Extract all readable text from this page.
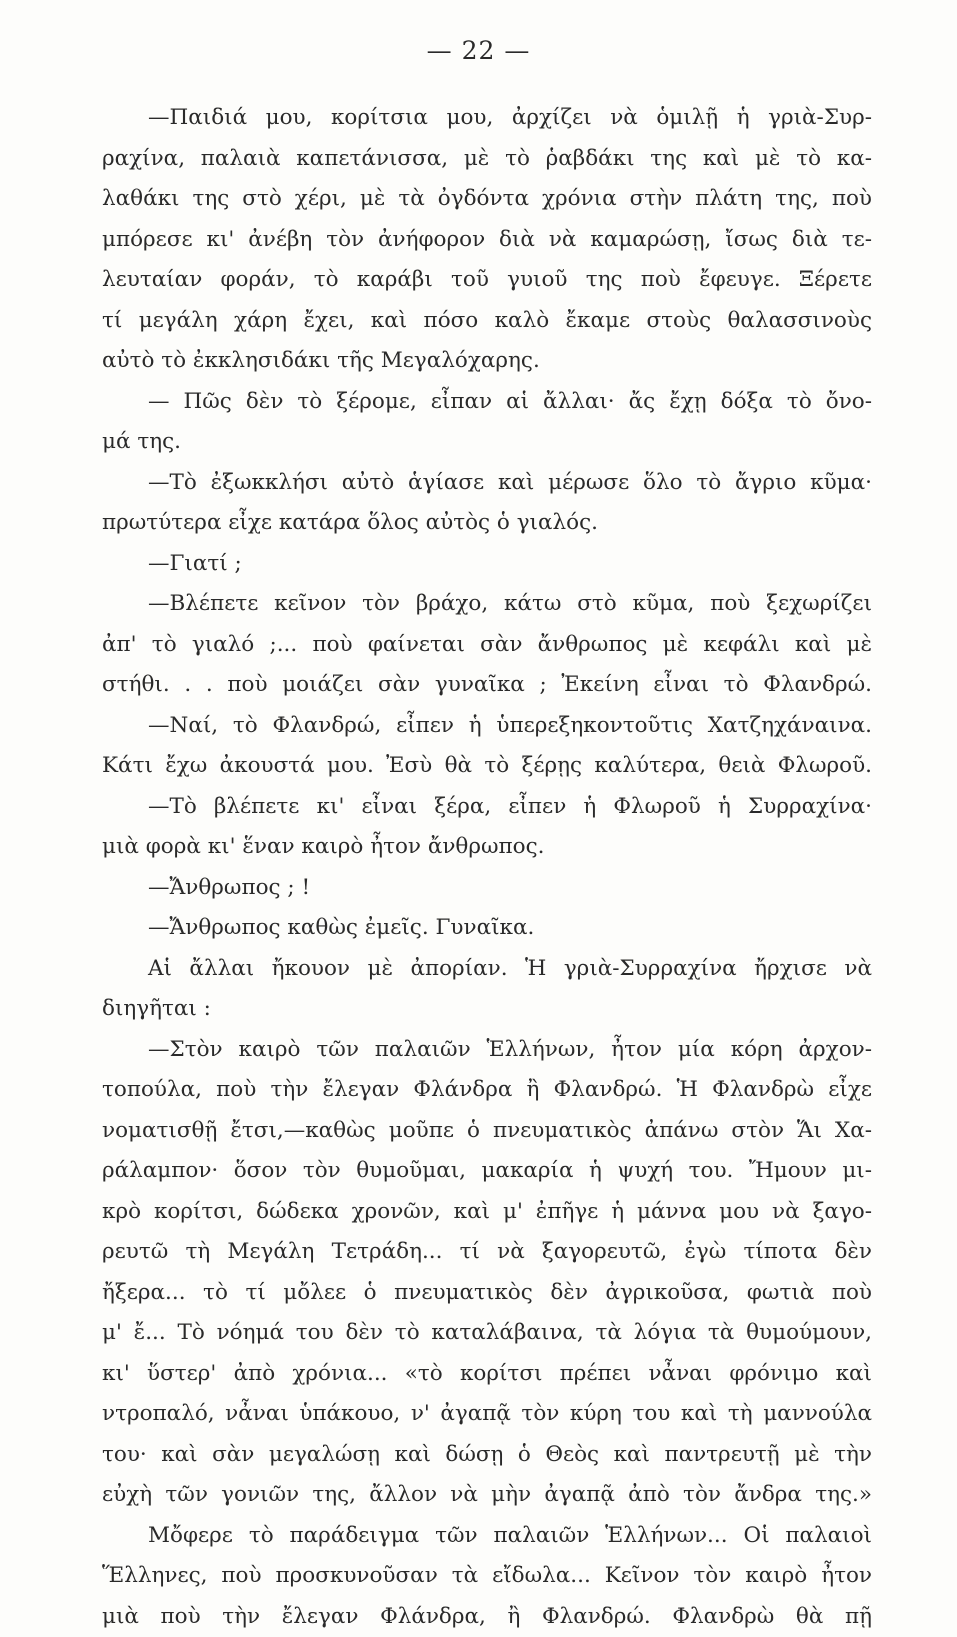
— 22 —
—Παιδιά μου, κορίτσια μου, ἀρχίζει νὰ ὁμιλῇ ἡ γριὰ-Συρ-
ραχίνα, παλαιὰ καπετάνισσα, μὲ τὸ ῥαβδάκι της καὶ μὲ τὸ κα-
λαθάκι της στὸ χέρι, μὲ τὰ ὀγδόντα χρόνια στὴν πλάτη της, ποὺ
μπόρεσε κι' ἀνέβη τὸν ἀνήφορον διὰ νὰ καμαρώσῃ, ἴσως διὰ τε-
λευταίαν φοράν, τὸ καράβι τοῦ γυιοῦ της ποὺ ἔφευγε. Ξέρετε
τί μεγάλη χάρη ἔχει, καὶ πόσο καλὸ ἔκαμε στοὺς θαλασσινοὺς
αὐτὸ τὸ ἐκκλησιδάκι τῆς Μεγαλόχαρης.
— Πῶς δὲν τὸ ξέρομε, εἶπαν αἱ ἄλλαι· ἄς ἔχῃ δόξα τὸ ὄνο-
μά της.
—Τὸ ἐξωκκλήσι αὐτὸ ἁγίασε καὶ μέρωσε ὅλο τὸ ἄγριο κῦμα·
πρωτύτερα εἶχε κατάρα ὅλος αὐτὸς ὁ γιαλός.
—Γιατί ;
—Βλέπετε κεῖνον τὸν βράχο, κάτω στὸ κῦμα, ποὺ ξεχωρίζει
ἀπ' τὸ γιαλό ;... ποὺ φαίνεται σὰν ἄνθρωπος μὲ κεφάλι καὶ μὲ
στήθι. . . ποὺ μοιάζει σὰν γυναῖκα ; Ἐκείνη εἶναι τὸ Φλανδρώ.
—Ναί, τὸ Φλανδρώ, εἶπεν ἡ ὑπερεξηκοντοῦτις Χατζηχάναινα.
Κάτι ἔχω ἀκουστά μου. Ἐσὺ θὰ τὸ ξέρῃς καλύτερα, θειὰ Φλωροῦ.
—Τὸ βλέπετε κι' εἶναι ξέρα, εἶπεν ἡ Φλωροῦ ἡ Συρραχίνα·
μιὰ φορὰ κι' ἕναν καιρὸ ἦτον ἄνθρωπος.
—Ἄνθρωπος ; !
—Ἄνθρωπος καθὼς ἐμεῖς. Γυναῖκα.
Αἱ ἄλλαι ἤκουον μὲ ἀπορίαν. Ἡ γριὰ-Συρραχίνα ἤρχισε νὰ
διηγῆται :
—Στὸν καιρὸ τῶν παλαιῶν Ἑλλήνων, ἦτον μία κόρη ἀρχον-
τοπούλα, ποὺ τὴν ἔλεγαν Φλάνδρα ἢ Φλανδρώ. Ἡ Φλανδρὼ εἶχε
νοματισθῇ ἔτσι,—καθὼς μοῦπε ὁ πνευματικὸς ἀπάνω στὸν Ἅι Χα-
ράλαμπον· ὅσον τὸν θυμοῦμαι, μακαρία ἡ ψυχή του. Ἤμουν μι-
κρὸ κορίτσι, δώδεκα χρονῶν, καὶ μ' ἐπῆγε ἡ μάννα μου νὰ ξαγο-
ρευτῶ τὴ Μεγάλη Τετράδη... τί νὰ ξαγορευτῶ, ἐγὼ τίποτα δὲν
ἤξερα... τὸ τί μὄλεε ὁ πνευματικὸς δὲν ἀγρικοῦσα, φωτιὰ ποὺ
μ' ἔ... Τὸ νόημά του δὲν τὸ καταλάβαινα, τὰ λόγια τὰ θυμούμουν,
κι' ὕστερ' ἀπὸ χρόνια... «τὸ κορίτσι πρέπει νἆναι φρόνιμο καὶ
ντροπαλό, νἆναι ὑπάκουο, ν' ἀγαπᾷ τὸν κύρη του καὶ τὴ μαννούλα
του· καὶ σὰν μεγαλώσῃ καὶ δώσῃ ὁ Θεὸς καὶ παντρευτῇ μὲ τὴν
εὐχὴ τῶν γονιῶν της, ἄλλον νὰ μὴν ἀγαπᾷ ἀπὸ τὸν ἄνδρα της.»
Μὄφερε τὸ παράδειγμα τῶν παλαιῶν Ἑλλήνων... Οἱ παλαιοὶ
Ἕλληνες, ποὺ προσκυνοῦσαν τὰ εἴδωλα... Κεῖνον τὸν καιρὸ ἦτον
μιὰ ποὺ τὴν ἔλεγαν Φλάνδρα, ἢ Φλανδρώ. Φλανδρὼ θὰ πῇ
